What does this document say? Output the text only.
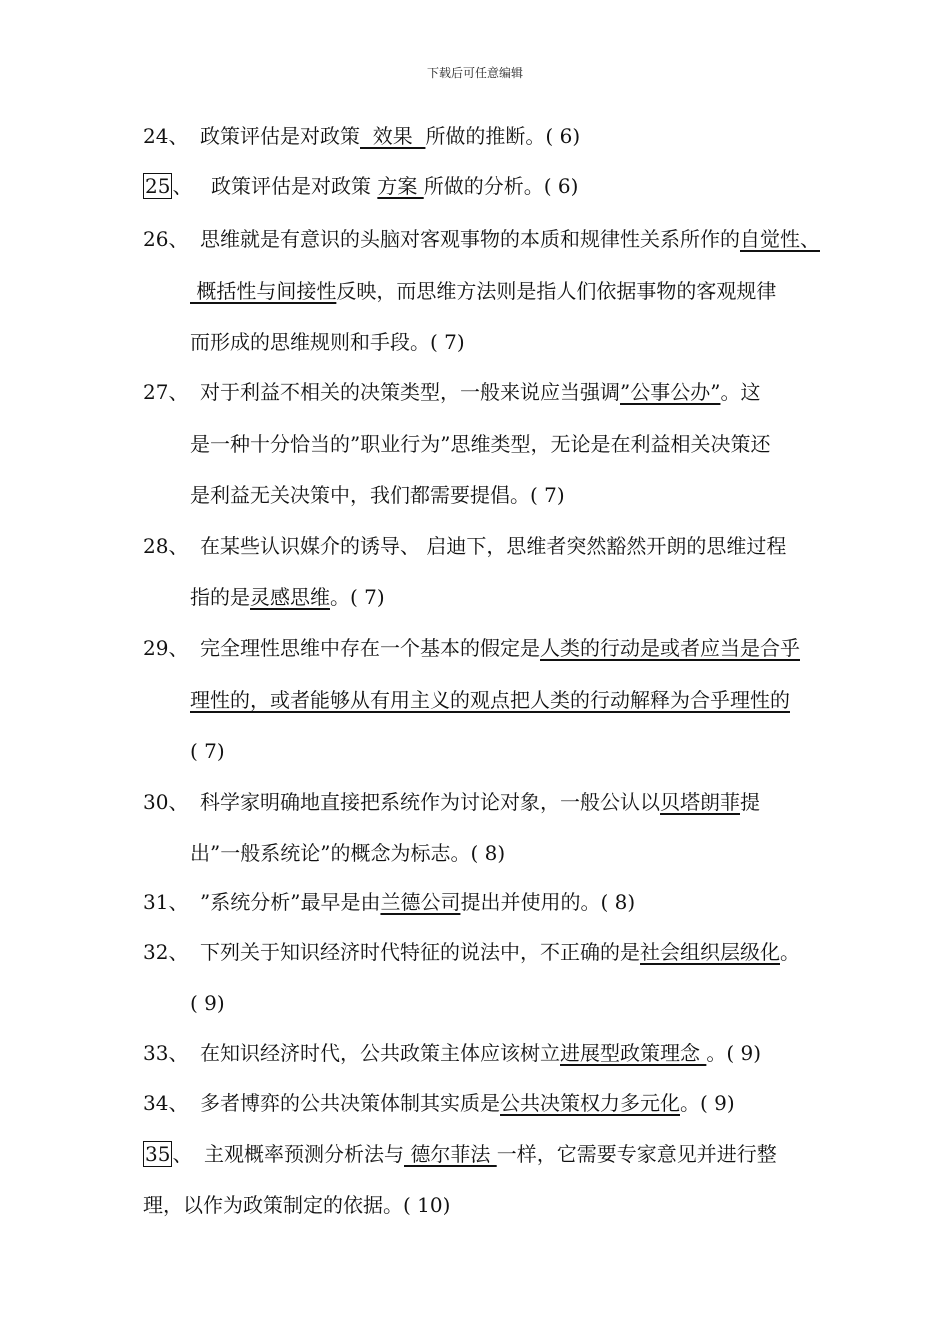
下载后可任意编辑
24、 政策评估是对政策  效果  所做的推断。( 6)
25 、 政策评估是对政策 方案 所做的分析。( 6)
26、 思维就是有意识的头脑对客观事物的本质和规律性关系所作的自觉性、
概括性与间接性反映，而思维方法则是指人们依据事物的客观规律
而形成的思维规则和手段。( 7)
27、 对于利益不相关的决策类型，一般来说应当强调”公事公办”。这
是一种十分恰当的”职业行为”思维类型，无论是在利益相关决策还
是利益无关决策中，我们都需要提倡。( 7)
28、 在某些认识媒介的诱导、 启迪下，思维者突然豁然开朗的思维过程
指的是灵感思维。( 7)
29、 完全理性思维中存在一个基本的假定是人类的行动是或者应当是合乎
理性的，或者能够从有用主义的观点把人类的行动解释为合乎理性的
( 7)
30、 科学家明确地直接把系统作为讨论对象，一般公认以贝塔朗菲提
出”一般系统论”的概念为标志。( 8)
31、 ”系统分析”最早是由兰德公司提出并使用的。( 8)
32、 下列关于知识经济时代特征的说法中，不正确的是社会组织层级化。
( 9)
33、 在知识经济时代，公共政策主体应该树立进展型政策理念 。( 9)
34、 多者博弈的公共决策体制其实质是公共决策权力多元化。( 9)
35 、 主观概率预测分析法与 德尔菲法 一样，它需要专家意见并进行整
理，以作为政策制定的依据。( 10)
